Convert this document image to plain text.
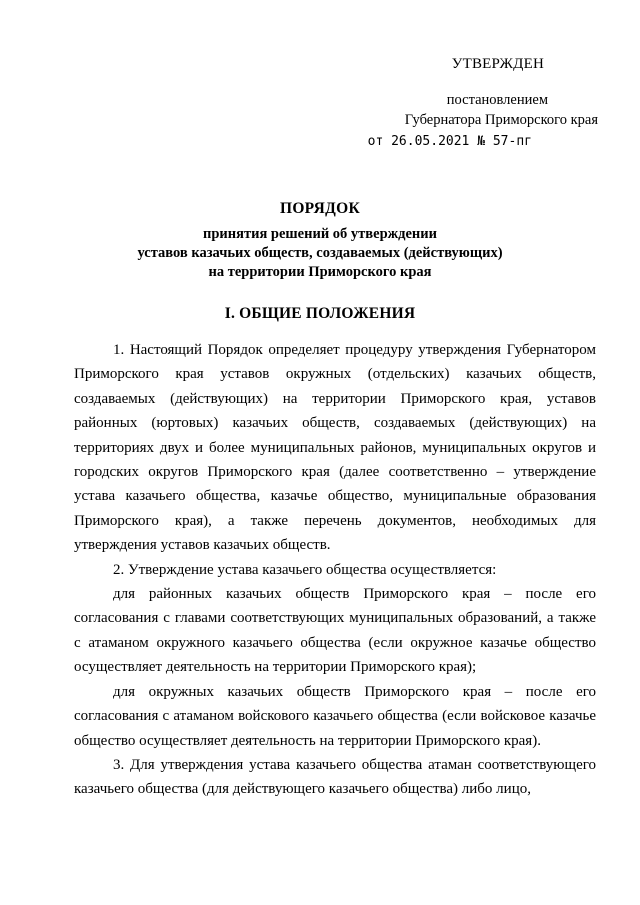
УТВЕРЖДЕН
постановлением
Губернатора Приморского края
от 26.05.2021 № 57-пг
ПОРЯДОК
принятия решений об утверждении
уставов казачьих обществ, создаваемых (действующих)
на территории Приморского края
I. ОБЩИЕ ПОЛОЖЕНИЯ

1. Настоящий Порядок определяет процедуру утверждения Губернатором Приморского края уставов окружных (отдельских) казачьих обществ, создаваемых (действующих) на территории Приморского края, уставов районных (юртовых) казачьих обществ, создаваемых (действующих) на территориях двух и более муниципальных районов, муниципальных округов и городских округов Приморского края (далее соответственно – утверждение устава казачьего общества, казачье общество, муниципальные образования Приморского края), а также перечень документов, необходимых для утверждения уставов казачьих обществ.

2. Утверждение устава казачьего общества осуществляется:

для районных казачьих обществ Приморского края – после его согласования с главами соответствующих муниципальных образований, а также с атаманом окружного казачьего общества (если окружное казачье общество осуществляет деятельность на территории Приморского края);

для окружных казачьих обществ Приморского края – после его согласования с атаманом войскового казачьего общества (если войсковое казачье общество осуществляет деятельность на территории Приморского края).

3. Для утверждения устава казачьего общества атаман соответствующего казачьего общества (для действующего казачьего общества) либо лицо,
